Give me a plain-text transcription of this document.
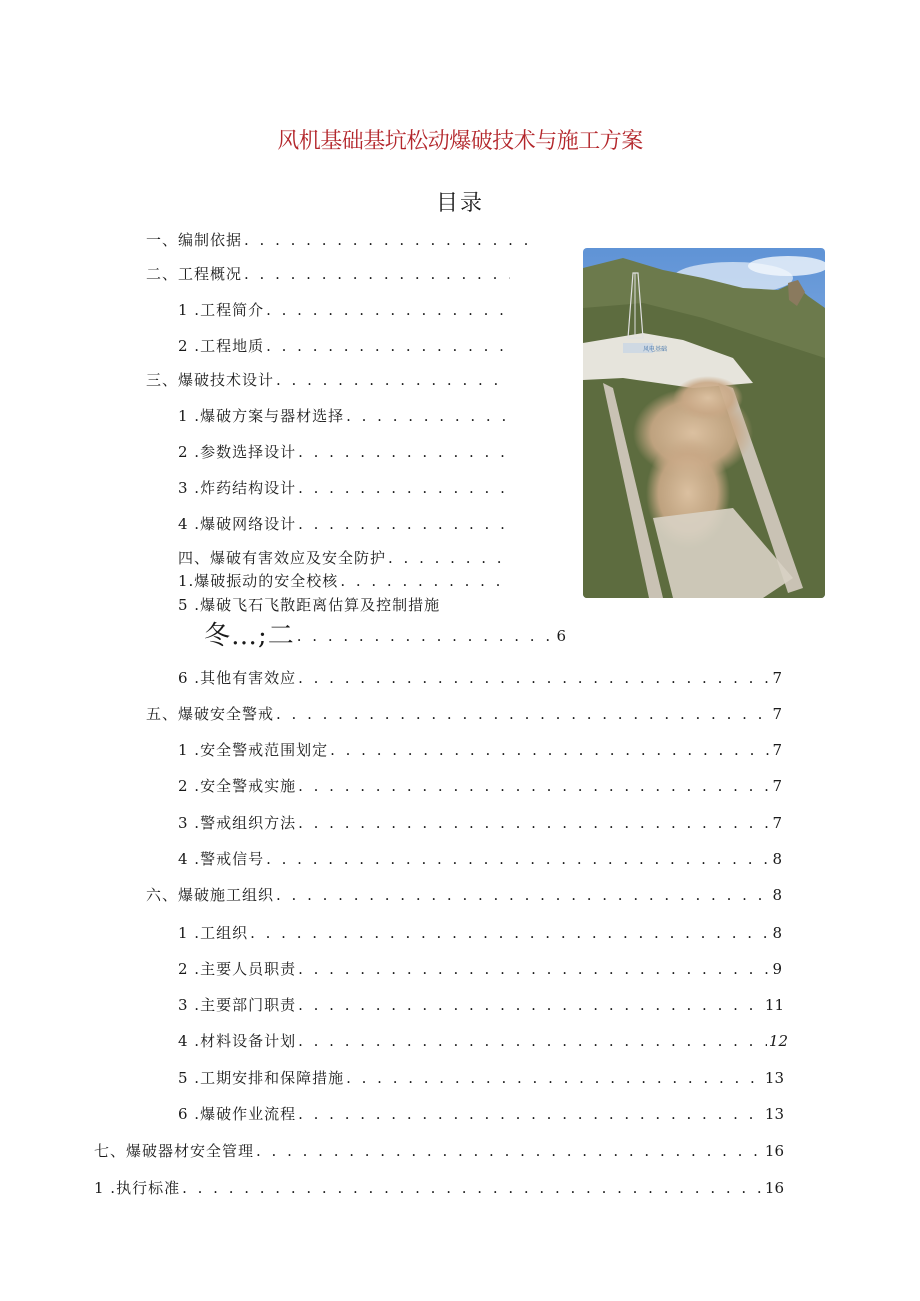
风机基础基坑松动爆破技术与施工方案
目录
一、编制依据
. . .
二、工程概况
. . .
1 .工程简介
. . .
2 .工程地质
. . .
三、爆破技术设计
. . .
1 .爆破方案与器材选择
. . .
2 .参数选择设计
. . .
3 .炸药结构设计
. . .
4 .爆破网络设计
. . .
四、爆破有害效应及安全防护
. . .
1.爆破振动的安全校核
. . .
5 .爆破飞石飞散距离估算及控制措施
冬…;二 . . .	6
6 .其他有害效应 . . .	7
五、爆破安全警戒 . . .	7
1 .安全警戒范围划定 . . .	7
2 .安全警戒实施 . . .	7
3 .警戒组织方法 . . .	7
4 .警戒信号 . . .	8
六、爆破施工组织 . . .	8
1 .工组织 . . .	8
2 .主要人员职责 . . .	9
3 .主要部门职责 . . .	11
4 .材料设备计划 . . .	12
5 .工期安排和保障措施 . . .	13
6 .爆破作业流程 . . .	13
七、爆破器材安全管理 . . .	16
1 .执行标准 . . .	16
风电基础
